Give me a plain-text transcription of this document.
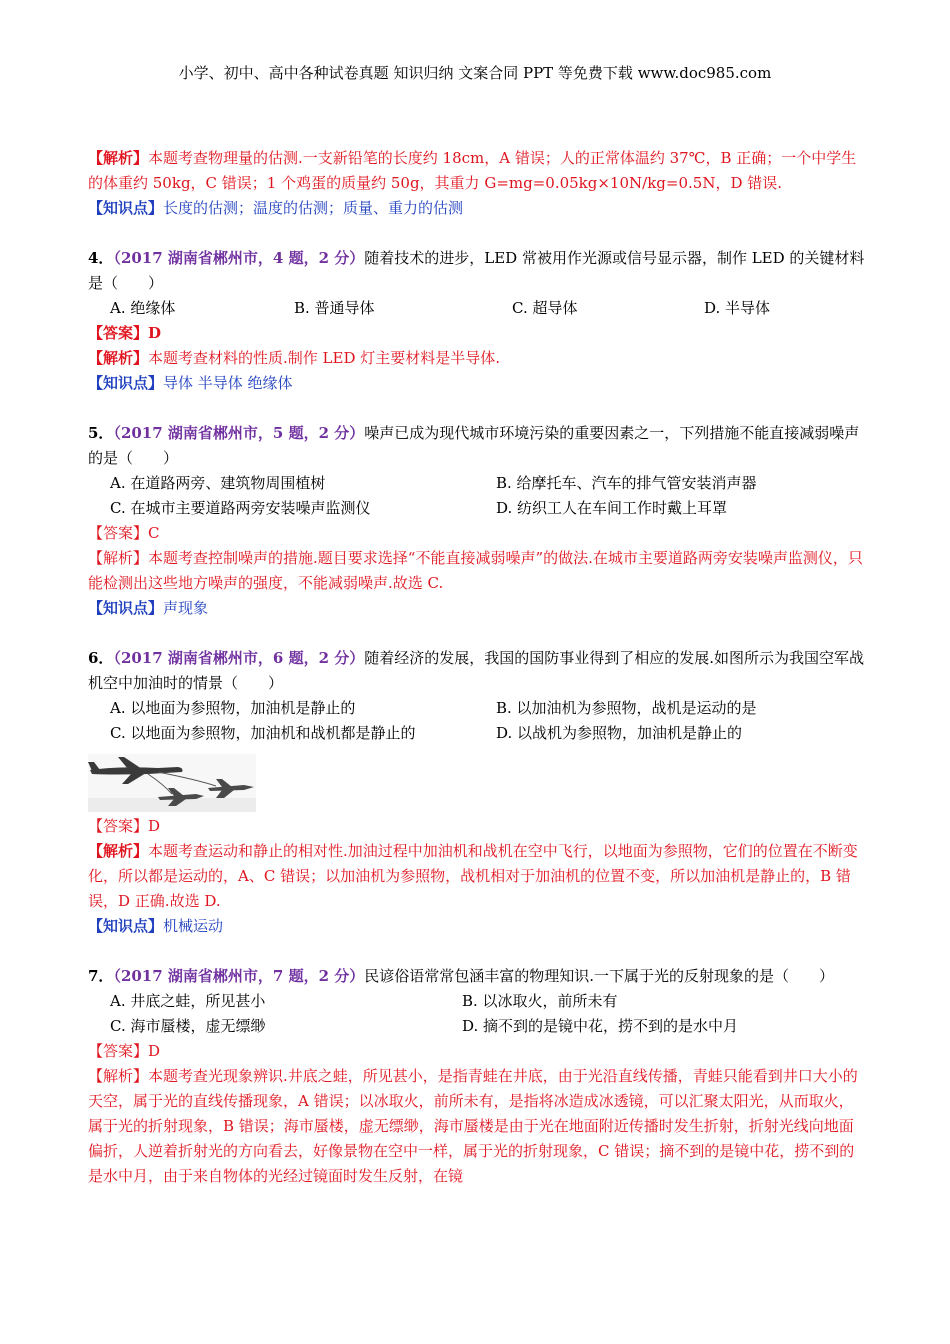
小学、初中、高中各种试卷真题 知识归纳 文案合同 PPT 等免费下载 www.doc985.com

【解析】本题考查物理量的估测.一支新铅笔的长度约 18cm，A 错误；人的正常体温约 37℃，B 正确；一个中学生的体重约 50kg，C 错误；1 个鸡蛋的质量约 50g，其重力 G=mg=0.05kg×10N/kg=0.5N，D 错误.

【知识点】长度的估测；温度的估测；质量、重力的估测

4．（2017 湖南省郴州市，4 题，2 分）随着技术的进步，LED 常被用作光源或信号显示器，制作 LED 的关键材料是（　　）

A. 绝缘体	B. 普通导体	C. 超导体	D. 半导体

【答案】D

【解析】本题考查材料的性质.制作 LED 灯主要材料是半导体.

【知识点】导体 半导体 绝缘体

5．（2017 湖南省郴州市，5 题，2 分）噪声已成为现代城市环境污染的重要因素之一，下列措施不能直接减弱噪声的是（　　）

A. 在道路两旁、建筑物周围植树	B. 给摩托车、汽车的排气管安装消声器
C. 在城市主要道路两旁安装噪声监测仪	D. 纺织工人在车间工作时戴上耳罩

【答案】C

【解析】本题考查控制噪声的措施.题目要求选择“不能直接减弱噪声”的做法.在城市主要道路两旁安装噪声监测仪，只能检测出这些地方噪声的强度，不能减弱噪声.故选 C.

【知识点】声现象

6．（2017 湖南省郴州市，6 题，2 分）随着经济的发展，我国的国防事业得到了相应的发展.如图所示为我国空军战机空中加油时的情景（　　）

A. 以地面为参照物，加油机是静止的	B. 以加油机为参照物，战机是运动的是
C. 以地面为参照物，加油机和战机都是静止的	D. 以战机为参照物，加油机是静止的

【答案】D

【解析】本题考查运动和静止的相对性.加油过程中加油机和战机在空中飞行，以地面为参照物，它们的位置在不断变化，所以都是运动的，A、C 错误；以加油机为参照物，战机相对于加油机的位置不变，所以加油机是静止的，B 错误，D 正确.故选 D.

【知识点】机械运动

7．（2017 湖南省郴州市，7 题，2 分）民谚俗语常常包涵丰富的物理知识.一下属于光的反射现象的是（　　）

A. 井底之蛙，所见甚小	B. 以冰取火，前所未有
C. 海市蜃楼，虚无缥缈	D. 摘不到的是镜中花，捞不到的是水中月

【答案】D

【解析】本题考查光现象辨识.井底之蛙，所见甚小，是指青蛙在井底，由于光沿直线传播，青蛙只能看到井口大小的天空，属于光的直线传播现象，A 错误；以冰取火，前所未有，是指将冰造成冰透镜，可以汇聚太阳光，从而取火，属于光的折射现象，B 错误；海市蜃楼，虚无缥缈，海市蜃楼是由于光在地面附近传播时发生折射，折射光线向地面偏折，人逆着折射光的方向看去，好像景物在空中一样，属于光的折射现象，C 错误；摘不到的是镜中花，捞不到的是水中月，由于来自物体的光经过镜面时发生反射，在镜
